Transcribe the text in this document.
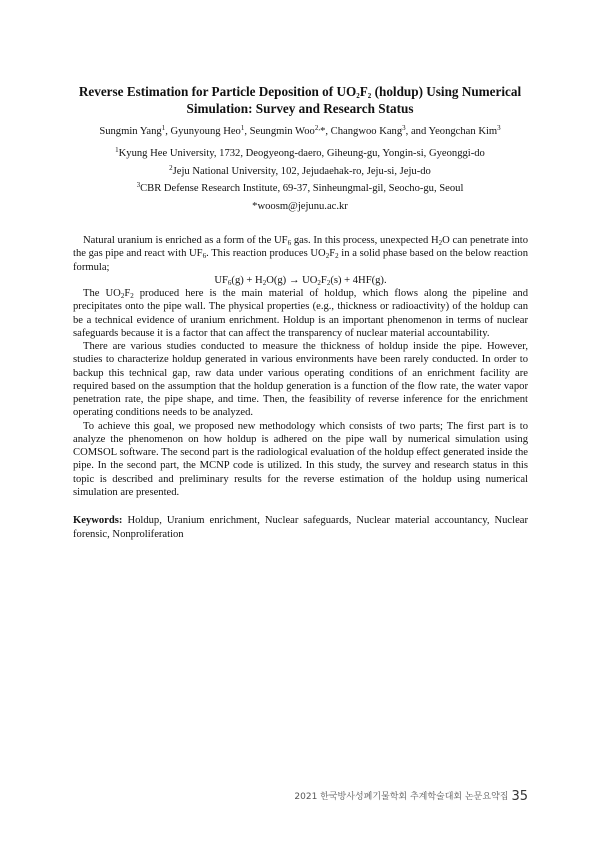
Reverse Estimation for Particle Deposition of $UO_2F_2$ (holdup) Using Numerical
Simulation: Survey and Research Status
Sungmin Yang$^1$, Gyunyoung Heo$^1$, Seungmin Woo$^{2,}$*, Changwoo Kang$^3$, and Yeongchan Kim$^3$
$^1$Kyung Hee University, 1732, Deogyeong-daero, Giheung-gu, Yongin-si, Gyeonggi-do
$^2$Jeju National University, 102, Jejudaehak-ro, Jeju-si, Jeju-do
$^3$CBR Defense Research Institute, 69-37, Sinheungmal-gil, Seocho-gu, Seoul
*woosm@jejunu.ac.kr

Natural uranium is enriched as a form of the $UF_6$ gas. In this process, unexpected $H_2O$ can penetrate into the gas pipe and react with $UF_6$. This reaction produces $UO_2F_2$ in a solid phase based on the below reaction formula;

$UF_6(g) + H_2O(g) \to UO_2F_2(s) + 4HF(g)$.

The $UO_2F_2$ produced here is the main material of holdup, which flows along the pipeline and precipitates onto the pipe wall. The physical properties (e.g., thickness or radioactivity) of the holdup can be a technical evidence of uranium enrichment. Holdup is an important phenomenon in terms of nuclear safeguards because it is a factor that can affect the transparency of nuclear material accountability.

There are various studies conducted to measure the thickness of holdup inside the pipe. However, studies to characterize holdup generated in various environments have been rarely conducted. In order to backup this technical gap, raw data under various operating conditions of an enrichment facility are required based on the assumption that the holdup generation is a function of the flow rate, the water vapor penetration rate, the pipe shape, and time. Then, the feasibility of reverse inference for the enrichment operating conditions needs to be analyzed.

To achieve this goal, we proposed new methodology which consists of two parts; The first part is to analyze the phenomenon on how holdup is adhered on the pipe wall by numerical simulation using COMSOL software. The second part is the radiological evaluation of the holdup effect generated inside the pipe. In the second part, the MCNP code is utilized. In this study, the survey and research status in this topic is described and preliminary results for the reverse estimation of the holdup using numerical simulation are presented.

Keywords: Holdup, Uranium enrichment, Nuclear safeguards, Nuclear material accountancy, Nuclear forensic, Nonproliferation
2021 한국방사성폐기물학회 추계학술대회 논문요약집 35
